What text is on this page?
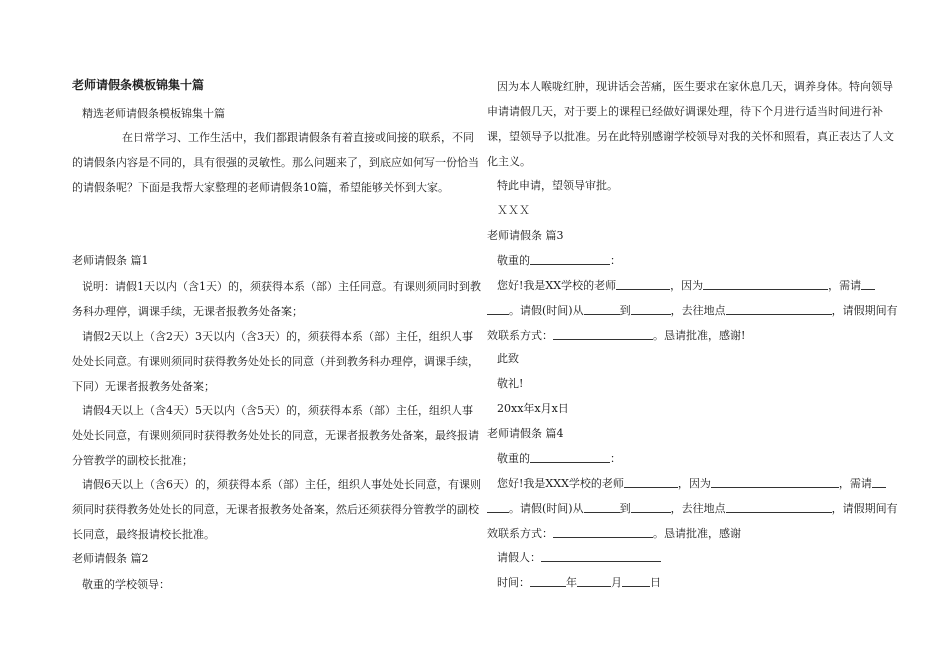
老师请假条模板锦集十篇

精选老师请假条模板锦集十篇

在日常学习、工作生活中，我们都跟请假条有着直接或间接的联系，不同的请假条内容是不同的，具有很强的灵敏性。那么问题来了，到底应如何写一份恰当的请假条呢？下面是我帮大家整理的老师请假条10篇，希望能够关怀到大家。

老师请假条 篇1

说明：请假1天以内（含1天）的，须获得本系（部）主任同意。有课则须同时到教务科办理停，调课手续，无课者报教务处备案；

请假2天以上（含2天）3天以内（含3天）的，须获得本系（部）主任，组织人事处处长同意。有课则须同时获得教务处处长的同意（并到教务科办理停，调课手续，下同）无课者报教务处备案；

请假4天以上（含4天）5天以内（含5天）的，须获得本系（部）主任，组织人事处处长同意，有课则须同时获得教务处处长的同意，无课者报教务处备案，最终报请分管教学的副校长批准；

请假6天以上（含6天）的，须获得本系（部）主任，组织人事处处长同意，有课则须同时获得教务处处长的同意，无课者报教务处备案，然后还须获得分管教学的副校长同意，最终报请校长批准。

老师请假条 篇2

敬重的学校领导：

因为本人喉咙红肿，现讲话会苦痛，医生要求在家休息几天，调养身体。特向领导申请请假几天，对于要上的课程已经做好调课处理，待下个月进行适当时间进行补课，望领导予以批准。另在此特别感谢学校领导对我的关怀和照看，真正表达了人文化主义。

特此申请，望领导审批。

ＸＸＸ

老师请假条 篇3

敬重的	：

您好!我是XX学校的老师	，因为	，需请
。请假(时间)从	到	，去往地点	，请假期间有效联系方式：	。恳请批准，感谢!

此致

敬礼!

20xx年x月x日

老师请假条 篇4

敬重的	：

您好!我是XXX学校的老师	，因为	，需请
。请假(时间)从	到	，去往地点	，请假期间有效联系方式：	。恳请批准，感谢

请假人：

时间：	年	月	日
